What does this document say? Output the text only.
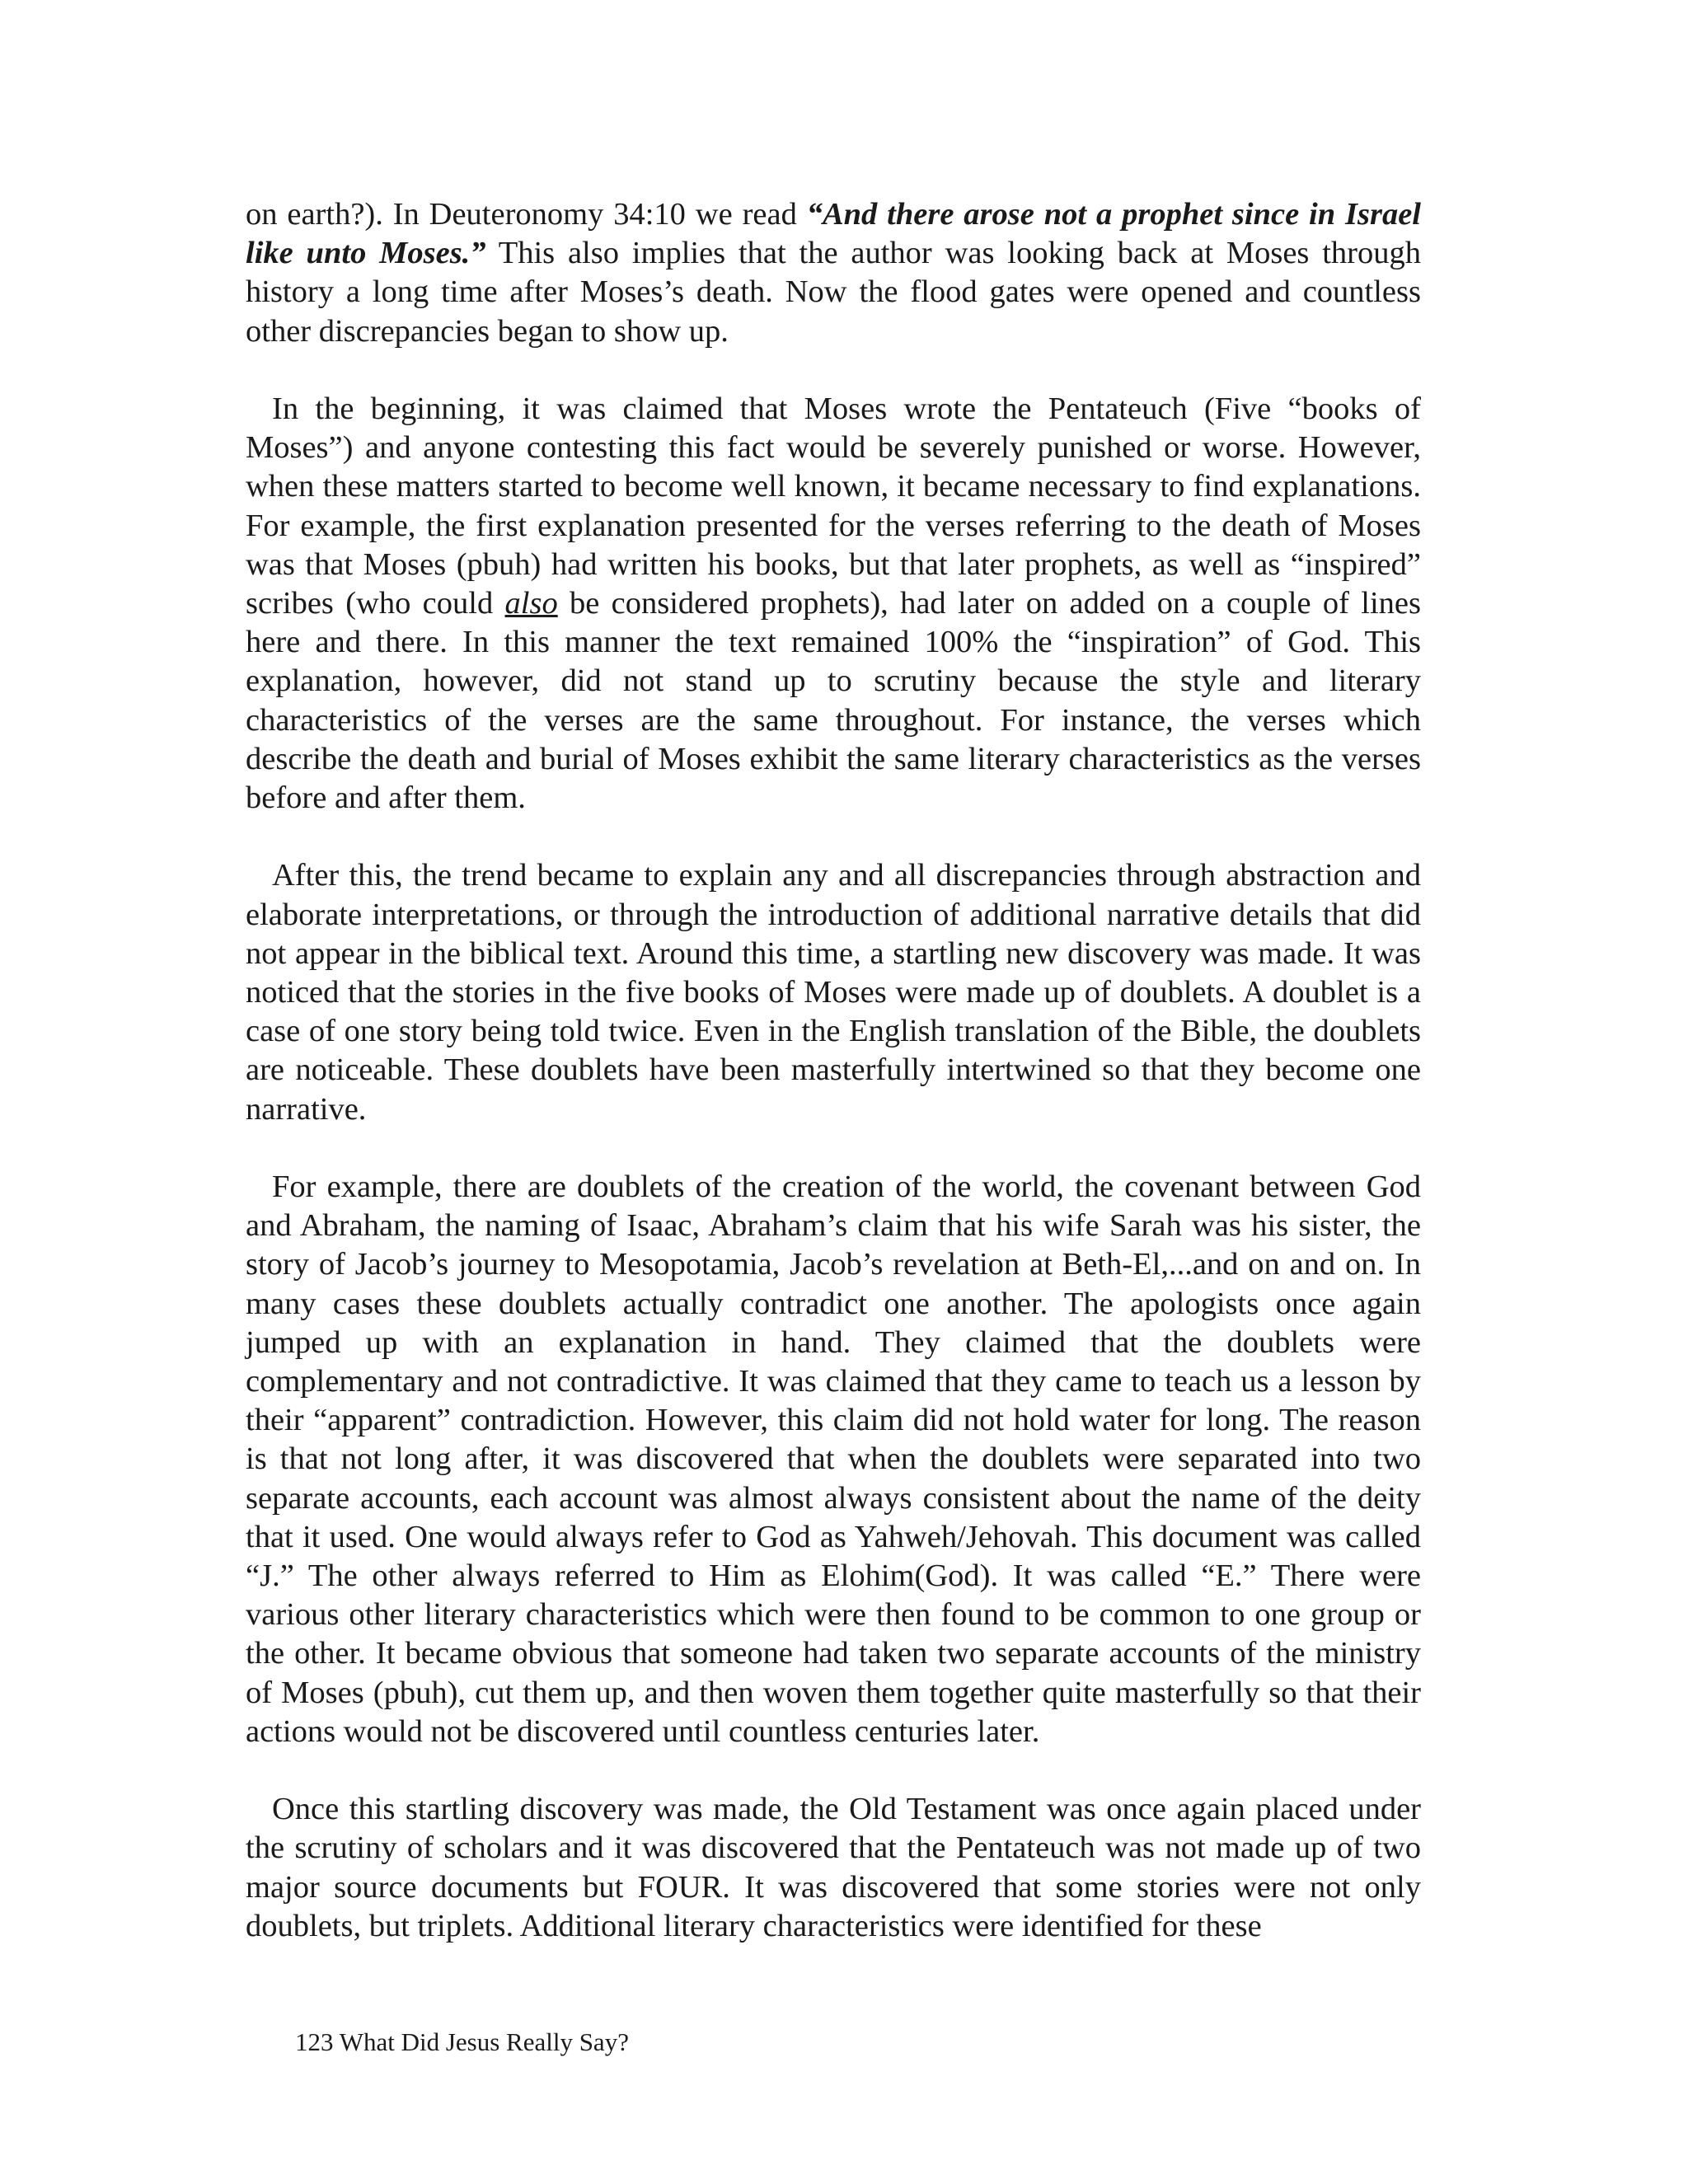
on earth?). In Deuteronomy 34:10 we read “And there arose not a prophet since in Israel like unto Moses.” This also implies that the author was looking back at Moses through history a long time after Moses’s death. Now the flood gates were opened and countless other discrepancies began to show up.

In the beginning, it was claimed that Moses wrote the Pentateuch (Five “books of Moses”) and anyone contesting this fact would be severely punished or worse. However, when these matters started to become well known, it became necessary to find explanations. For example, the first explanation presented for the verses referring to the death of Moses was that Moses (pbuh) had written his books, but that later prophets, as well as “inspired” scribes (who could also be considered prophets), had later on added on a couple of lines here and there. In this manner the text remained 100% the “inspiration” of God. This explanation, however, did not stand up to scrutiny because the style and literary characteristics of the verses are the same throughout. For instance, the verses which describe the death and burial of Moses exhibit the same literary characteristics as the verses before and after them.

After this, the trend became to explain any and all discrepancies through abstraction and elaborate interpretations, or through the introduction of additional narrative details that did not appear in the biblical text. Around this time, a startling new discovery was made. It was noticed that the stories in the five books of Moses were made up of doublets. A doublet is a case of one story being told twice. Even in the English translation of the Bible, the doublets are noticeable. These doublets have been masterfully intertwined so that they become one narrative.

For example, there are doublets of the creation of the world, the covenant between God and Abraham, the naming of Isaac, Abraham’s claim that his wife Sarah was his sister, the story of Jacob’s journey to Mesopotamia, Jacob’s revelation at Beth-El,...and on and on. In many cases these doublets actually contradict one another. The apologists once again jumped up with an explanation in hand. They claimed that the doublets were complementary and not contradictive. It was claimed that they came to teach us a lesson by their “apparent” contradiction. However, this claim did not hold water for long. The reason is that not long after, it was discovered that when the doublets were separated into two separate accounts, each account was almost always consistent about the name of the deity that it used. One would always refer to God as Yahweh/Jehovah. This document was called “J.” The other always referred to Him as Elohim(God). It was called “E.” There were various other literary characteristics which were then found to be common to one group or the other. It became obvious that someone had taken two separate accounts of the ministry of Moses (pbuh), cut them up, and then woven them together quite masterfully so that their actions would not be discovered until countless centuries later.

Once this startling discovery was made, the Old Testament was once again placed under the scrutiny of scholars and it was discovered that the Pentateuch was not made up of two major source documents but FOUR. It was discovered that some stories were not only doublets, but triplets. Additional literary characteristics were identified for these

123 What Did Jesus Really Say?
